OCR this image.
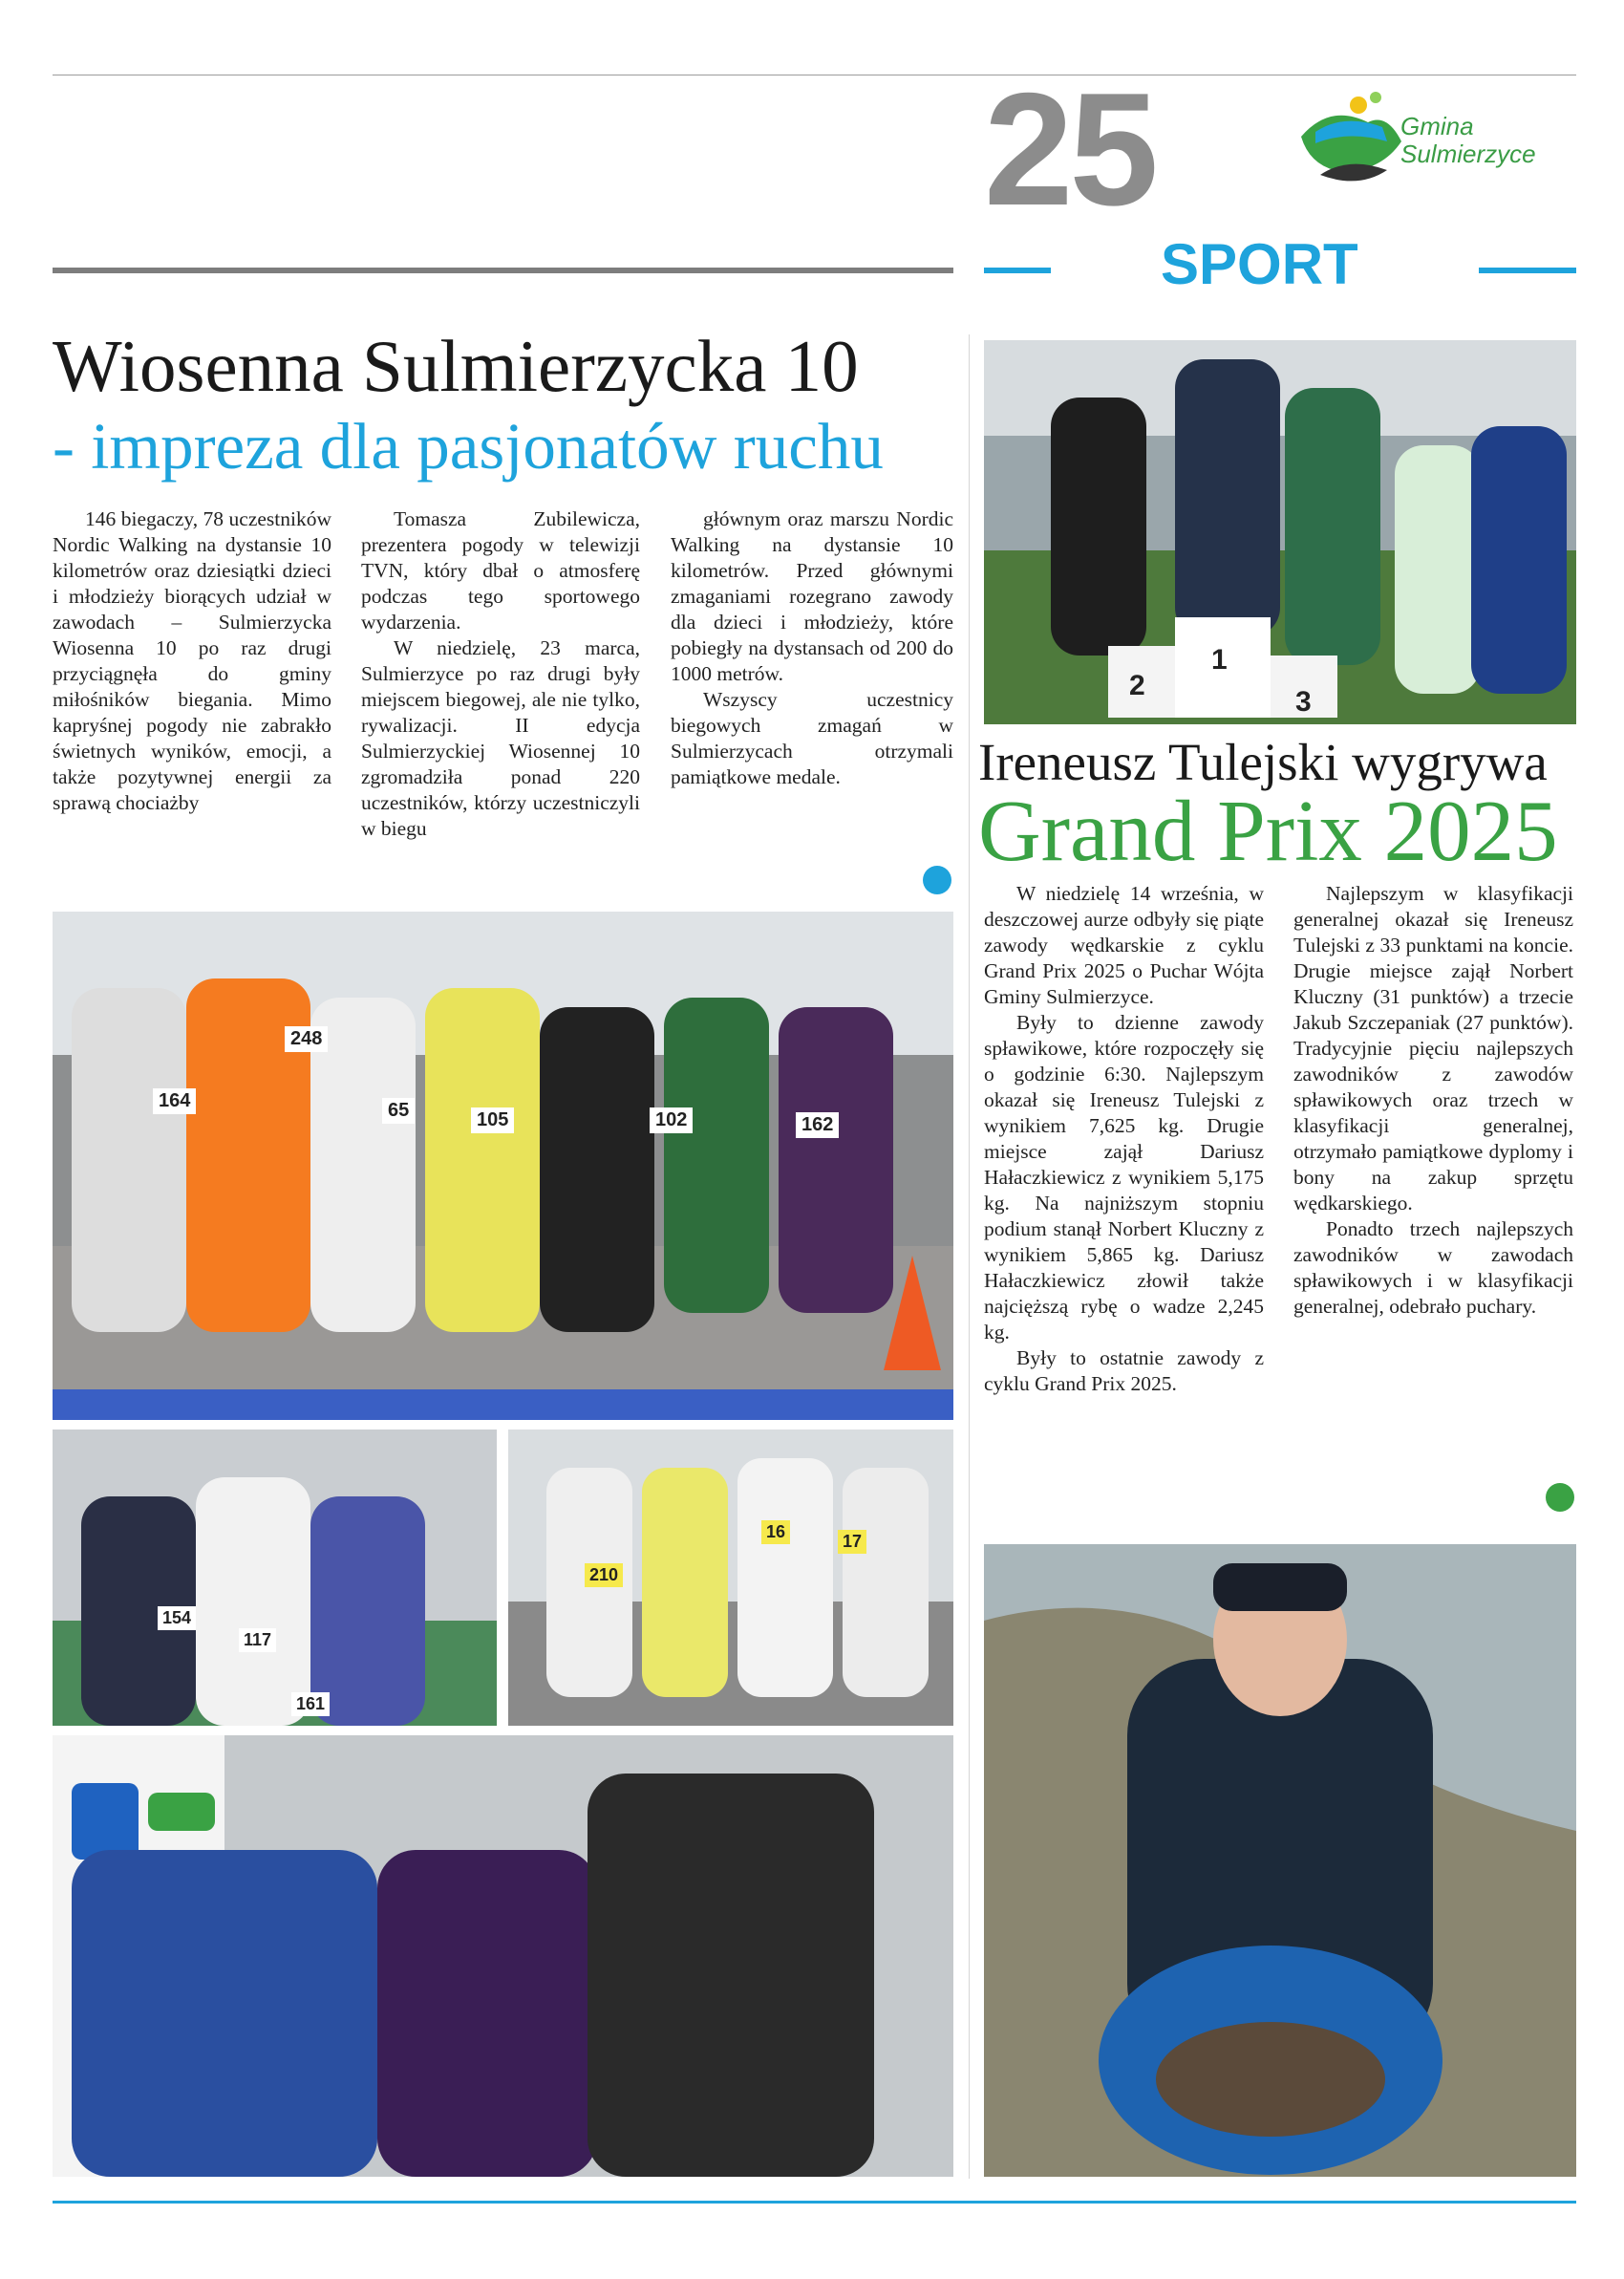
25
SPORT
Gmina
Sulmierzyce
Wiosenna Sulmierzycka 10
- impreza dla pasjonatów ruchu

146 biegaczy, 78 uczestników Nordic Walking na dystansie 10 kilometrów oraz dziesiątki dzieci i młodzieży biorących udział w zawodach – Sulmierzycka Wiosenna 10 po raz drugi przyciągnęła do gminy miłośników biegania. Mimo kapryśnej pogody nie zabrakło świetnych wyników, emocji, a także pozytywnej energii za sprawą chociażby

Tomasza Zubilewicza, prezentera pogody w telewizji TVN, który dbał o atmosferę podczas tego sportowego wydarzenia.

W niedzielę, 23 marca, Sulmierzyce po raz drugi były miejscem biegowej, ale nie tylko, rywalizacji. II edycja Sulmierzyckiej Wiosennej 10 zgromadziła ponad 220 uczestników, którzy uczestniczyli w biegu

głównym oraz marszu Nordic Walking na dystansie 10 kilometrów. Przed głównymi zmaganiami rozegrano zawody dla dzieci i młodzieży, które pobiegły na dystansach od 200 do 1000 metrów.

Wszyscy uczestnicy biegowych zmagań w Sulmierzycach otrzymali pamiątkowe medale.

164
248
65	105	102	162
154
117
161
210
16	17
2
1
3
Ireneusz Tulejski wygrywa
Grand Prix 2025

W niedzielę 14 września, w deszczowej aurze odbyły się piąte zawody wędkarskie z cyklu Grand Prix 2025 o Puchar Wójta Gminy Sulmierzyce.

Były to dzienne zawody spławikowe, które rozpoczęły się o godzinie 6:30. Najlepszym okazał się Ireneusz Tulejski z wynikiem 7,625 kg. Drugie miejsce zajął Dariusz Hałaczkiewicz z wynikiem 5,175 kg. Na najniższym stopniu podium stanął Norbert Kluczny z wynikiem 5,865 kg. Dariusz Hałaczkiewicz złowił także najcięższą rybę o wadze 2,245 kg.

Były to ostatnie zawody z cyklu Grand Prix 2025.

Najlepszym w klasyfikacji generalnej okazał się Ireneusz Tulejski z 33 punktami na koncie. Drugie miejsce zajął Norbert Kluczny (31 punktów) a trzecie Jakub Szczepaniak (27 punktów). Tradycyjnie pięciu najlepszych zawodników z zawodów spławikowych oraz trzech w klasyfikacji generalnej, otrzymało pamiątkowe dyplomy i bony na zakup sprzętu wędkarskiego.

Ponadto trzech najlepszych zawodników w zawodach spławikowych i w klasyfikacji generalnej, odebrało puchary.
